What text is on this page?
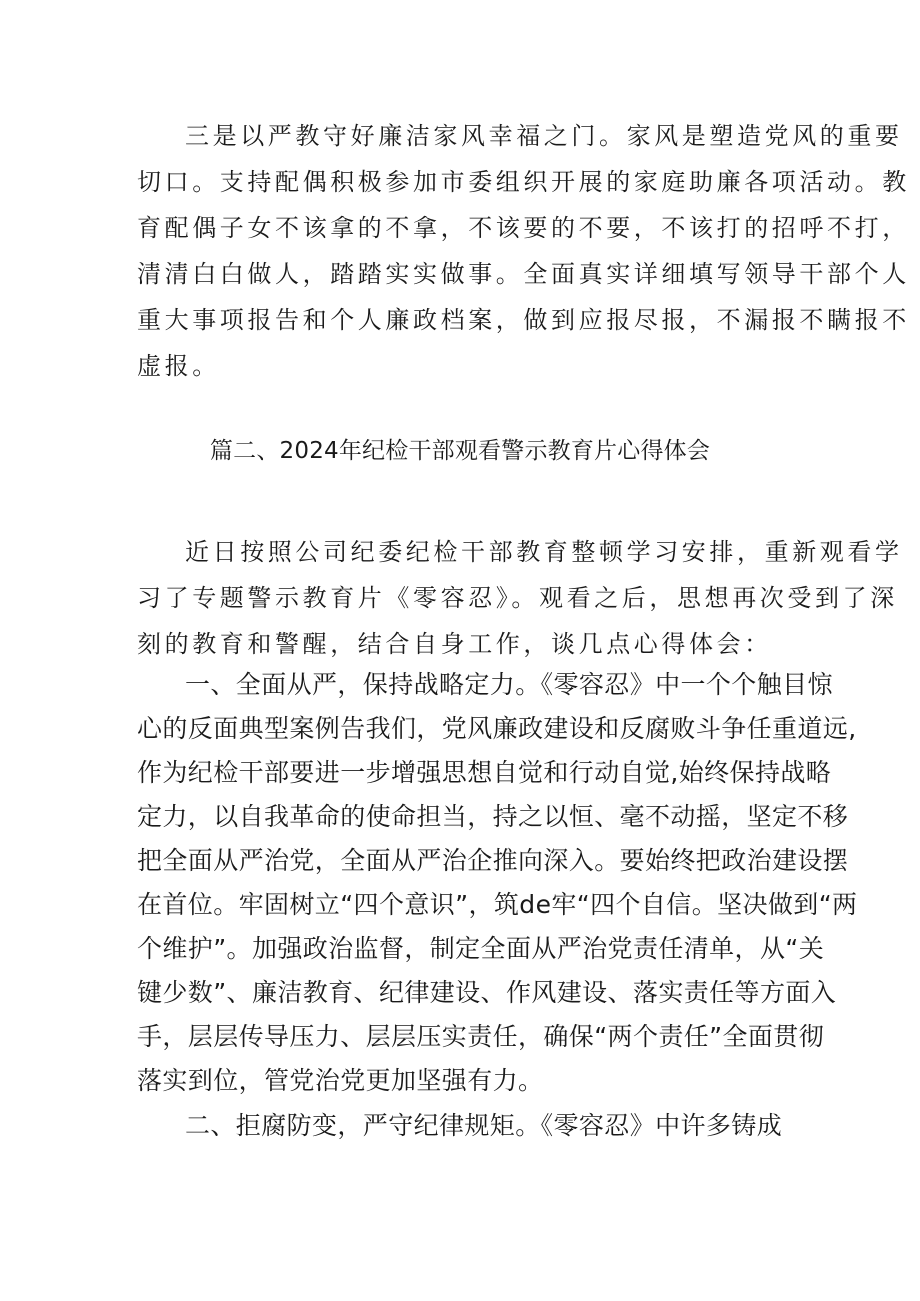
三是以严教守好廉洁家风幸福之门。家风是塑造党风的重要
切口。支持配偶积极参加市委组织开展的家庭助廉各项活动。教
育配偶子女不该拿的不拿，不该要的不要，不该打的招呼不打，
清清白白做人，踏踏实实做事。全面真实详细填写领导干部个人
重大事项报告和个人廉政档案，做到应报尽报，不漏报不瞒报不
虚报。
篇二、2024年纪检干部观看警示教育片心得体会
近日按照公司纪委纪检干部教育整顿学习安排，重新观看学
习了专题警示教育片《零容忍》。观看之后，思想再次受到了深
刻的教育和警醒，结合自身工作，谈几点心得体会：
一、全面从严，保持战略定力。《零容忍》中一个个触目惊
心的反面典型案例告我们，党风廉政建设和反腐败斗争任重道远,
作为纪检干部要进一步增强思想自觉和行动自觉,始终保持战略
定力，以自我革命的使命担当，持之以恒、毫不动摇，坚定不移
把全面从严治党，全面从严治企推向深入。要始终把政治建设摆
在首位。牢固树立“四个意识”，筑de牢“四个自信。坚决做到“两
个维护”。加强政治监督，制定全面从严治党责任清单，从“关
键少数”、廉洁教育、纪律建设、作风建设、落实责任等方面入
手，层层传导压力、层层压实责任，确保“两个责任”全面贯彻
落实到位，管党治党更加坚强有力。
二、拒腐防变，严守纪律规矩。《零容忍》中许多铸成
